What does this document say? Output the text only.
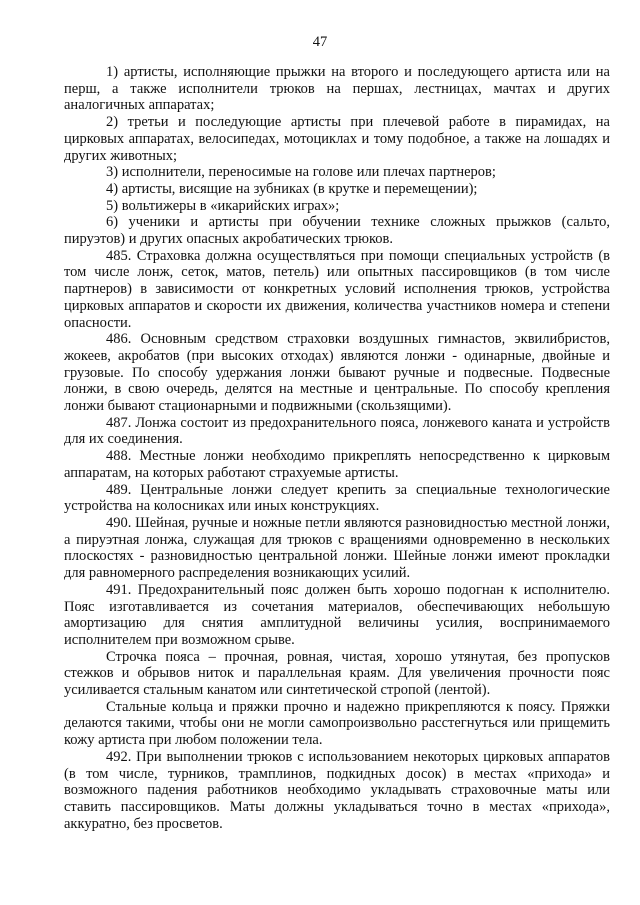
47

1) артисты, исполняющие прыжки на второго и последующего артиста или на перш, а также исполнители трюков на першах, лестницах, мачтах и других аналогичных аппаратах;

2) третьи и последующие артисты при плечевой работе в пирамидах, на цирковых аппаратах, велосипедах, мотоциклах и тому подобное, а также на лошадях и других животных;

3) исполнители, переносимые на голове или плечах партнеров;

4) артисты, висящие на зубниках (в крутке и перемещении);

5) вольтижеры в «икарийских играх»;

6) ученики и артисты при обучении технике сложных прыжков (сальто, пируэтов) и других опасных акробатических трюков.

485. Страховка должна осуществляться при помощи специальных устройств (в том числе лонж, сеток, матов, петель) или опытных пассировщиков (в том числе партнеров) в зависимости от конкретных условий исполнения трюков, устройства цирковых аппаратов и скорости их движения, количества участников номера и степени опасности.

486. Основным средством страховки воздушных гимнастов, эквилибристов, жокеев, акробатов (при высоких отходах) являются лонжи - одинарные, двойные и грузовые. По способу удержания лонжи бывают ручные и подвесные. Подвесные лонжи, в свою очередь, делятся на местные и центральные. По способу крепления лонжи бывают стационарными и подвижными (скользящими).

487. Лонжа состоит из предохранительного пояса, лонжевого каната и устройств для их соединения.

488. Местные лонжи необходимо прикреплять непосредственно к цирковым аппаратам, на которых работают страхуемые артисты.

489. Центральные лонжи следует крепить за специальные технологические устройства на колосниках или иных конструкциях.

490. Шейная, ручные и ножные петли являются разновидностью местной лонжи, а пируэтная лонжа, служащая для трюков с вращениями одновременно в нескольких плоскостях - разновидностью центральной лонжи. Шейные лонжи имеют прокладки для равномерного распределения возникающих усилий.

491. Предохранительный пояс должен быть хорошо подогнан к исполнителю. Пояс изготавливается из сочетания материалов, обеспечивающих небольшую амортизацию для снятия амплитудной величины усилия, воспринимаемого исполнителем при возможном срыве.

Строчка пояса – прочная, ровная, чистая, хорошо утянутая, без пропусков стежков и обрывов ниток и параллельная краям. Для увеличения прочности пояс усиливается стальным канатом или синтетической стропой (лентой).

Стальные кольца и пряжки прочно и надежно прикрепляются к поясу. Пряжки делаются такими, чтобы они не могли самопроизвольно расстегнуться или прищемить кожу артиста при любом положении тела.

492. При выполнении трюков с использованием некоторых цирковых аппаратов (в том числе, турников, трамплинов, подкидных досок) в местах «прихода» и возможного падения работников необходимо укладывать страховочные маты или ставить пассировщиков. Маты должны укладываться точно в местах «прихода», аккуратно, без просветов.
